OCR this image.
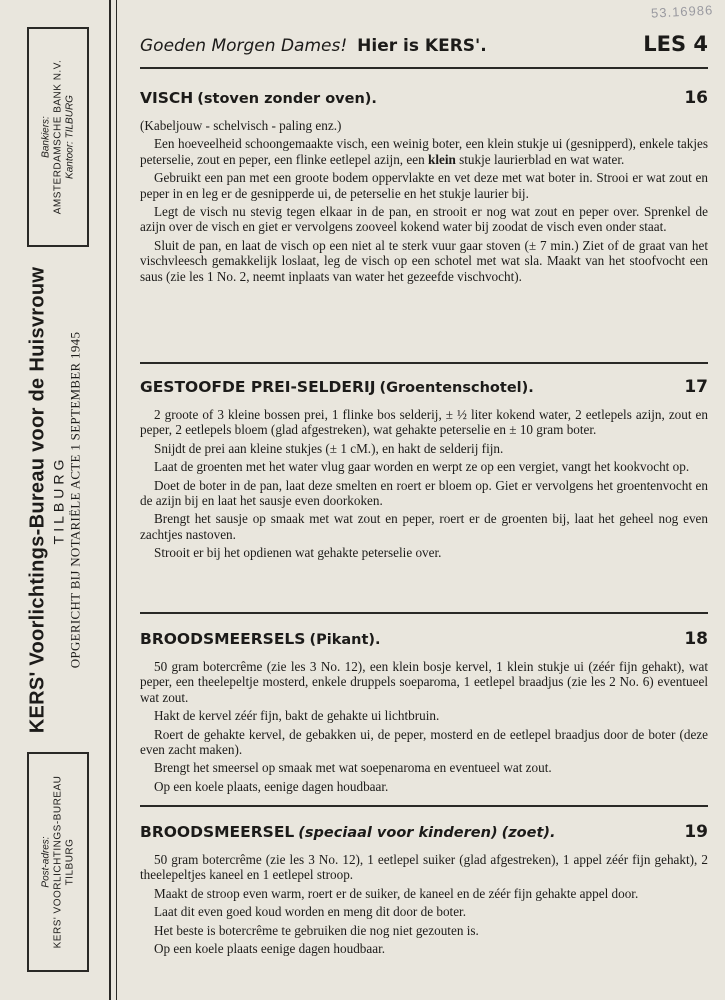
53.16986
Bankiers: AMSTERDAMSCHE BANK N.V. Kantoor: TILBURG
KERS' Voorlichtings-Bureau voor de Huisvrouw TILBURG OPGERICHT BIJ NOTARIËLE ACTE 1 SEPTEMBER 1945
Post-adres: KERS' VOORLICHTINGS-BUREAU TILBURG
Goeden Morgen Dames! Hier is KERS'.	LES 4
VISCH (stoven zonder oven).	16

(Kabeljouw - schelvisch - paling enz.)

Een hoeveelheid schoongemaakte visch, een weinig boter, een klein stukje ui (gesnipperd), enkele takjes peterselie, zout en peper, een flinke eetlepel azijn, een klein stukje laurierblad en wat water.

Gebruikt een pan met een groote bodem oppervlakte en vet deze met wat boter in. Strooi er wat zout en peper in en leg er de gesnipperde ui, de peterselie en het stukje laurier bij.

Legt de visch nu stevig tegen elkaar in de pan, en strooit er nog wat zout en peper over. Sprenkel de azijn over de visch en giet er vervolgens zooveel kokend water bij zoodat de visch even onder staat.

Sluit de pan, en laat de visch op een niet al te sterk vuur gaar stoven (± 7 min.) Ziet of de graat van het vischvleesch gemakkelijk loslaat, leg de visch op een schotel met wat sla. Maakt van het stoofvocht een saus (zie les 1 No. 2, neemt inplaats van water het gezeefde vischvocht).

GESTOOFDE PREI-SELDERIJ (Groentenschotel).	17

2 groote of 3 kleine bossen prei, 1 flinke bos selderij, ± ½ liter kokend water, 2 eetlepels azijn, zout en peper, 2 eetlepels bloem (glad afgestreken), wat gehakte peterselie en ± 10 gram boter.

Snijdt de prei aan kleine stukjes (± 1 cM.), en hakt de selderij fijn.

Laat de groenten met het water vlug gaar worden en werpt ze op een vergiet, vangt het kookvocht op.

Doet de boter in de pan, laat deze smelten en roert er bloem op. Giet er vervolgens het groentenvocht en de azijn bij en laat het sausje even doorkoken.

Brengt het sausje op smaak met wat zout en peper, roert er de groenten bij, laat het geheel nog even zachtjes nastoven.

Strooit er bij het opdienen wat gehakte peterselie over.

BROODSMEERSELS (Pikant).	18

50 gram botercrême (zie les 3 No. 12), een klein bosje kervel, 1 klein stukje ui (zéér fijn gehakt), wat peper, een theelepeltje mosterd, enkele druppels soeparoma, 1 eetlepel braadjus (zie les 2 No. 6) eventueel wat zout.

Hakt de kervel zéér fijn, bakt de gehakte ui lichtbruin.

Roert de gehakte kervel, de gebakken ui, de peper, mosterd en de eetlepel braadjus door de boter (deze even zacht maken).

Brengt het smeersel op smaak met wat soepenaroma en eventueel wat zout.

Op een koele plaats, eenige dagen houdbaar.

BROODSMEERSEL (speciaal voor kinderen) (zoet).	19

50 gram botercrême (zie les 3 No. 12), 1 eetlepel suiker (glad afgestreken), 1 appel zéér fijn gehakt), 2 theelepeltjes kaneel en 1 eetlepel stroop.

Maakt de stroop even warm, roert er de suiker, de kaneel en de zéér fijn gehakte appel door.

Laat dit even goed koud worden en meng dit door de boter.

Het beste is botercrême te gebruiken die nog niet gezouten is.

Op een koele plaats eenige dagen houdbaar.
